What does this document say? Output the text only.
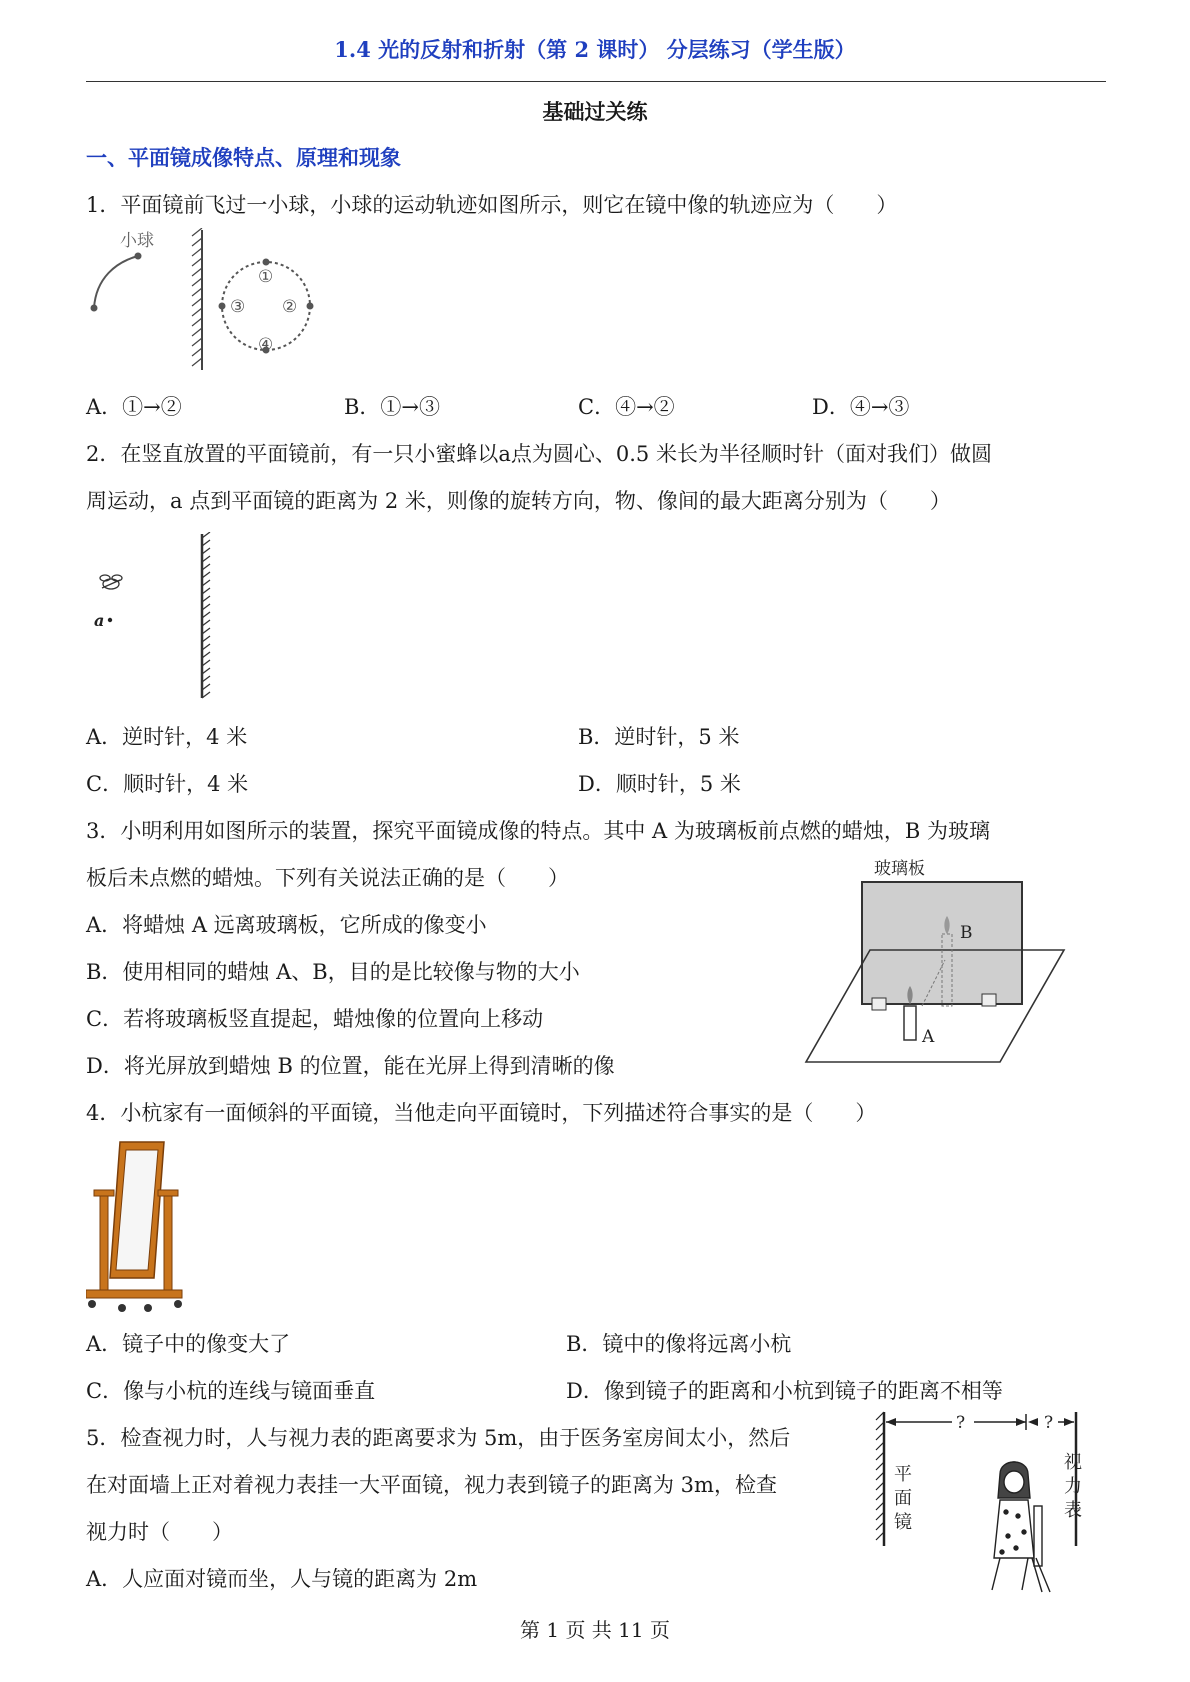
1.4 光的反射和折射（第 2 课时） 分层练习（学生版）
基础过关练
一、平面镜成像特点、原理和现象
1．平面镜前飞过一小球，小球的运动轨迹如图所示，则它在镜中像的轨迹应为（　　）
小球
①
②
③
④
A．①→②	B．①→③	C．④→②	D．④→③
2．在竖直放置的平面镜前，有一只小蜜蜂以a点为圆心、0.5 米长为半径顺时针（面对我们）做圆
周运动，a 点到平面镜的距离为 2 米，则像的旋转方向，物、像间的最大距离分别为（　　）
a
A．逆时针，4 米	B．逆时针，5 米
C．顺时针，4 米	D．顺时针，5 米
3．小明利用如图所示的装置，探究平面镜成像的特点。其中 A 为玻璃板前点燃的蜡烛，B 为玻璃
板后未点燃的蜡烛。下列有关说法正确的是（　　）
A．将蜡烛 A 远离玻璃板，它所成的像变小
B．使用相同的蜡烛 A、B，目的是比较像与物的大小
C．若将玻璃板竖直提起，蜡烛像的位置向上移动
D．将光屏放到蜡烛 B 的位置，能在光屏上得到清晰的像
玻璃板
B
A
4．小杭家有一面倾斜的平面镜，当他走向平面镜时，下列描述符合事实的是（　　）
A．镜子中的像变大了	B．镜中的像将远离小杭
C．像与小杭的连线与镜面垂直	D．像到镜子的距离和小杭到镜子的距离不相等
5．检查视力时，人与视力表的距离要求为 5m，由于医务室房间太小，然后
在对面墙上正对着视力表挂一大平面镜，视力表到镜子的距离为 3m，检查
视力时（　　）
A．人应面对镜而坐，人与镜的距离为 2m
?	?
平
面
镜
视
力
表
第 1 页 共 11 页
